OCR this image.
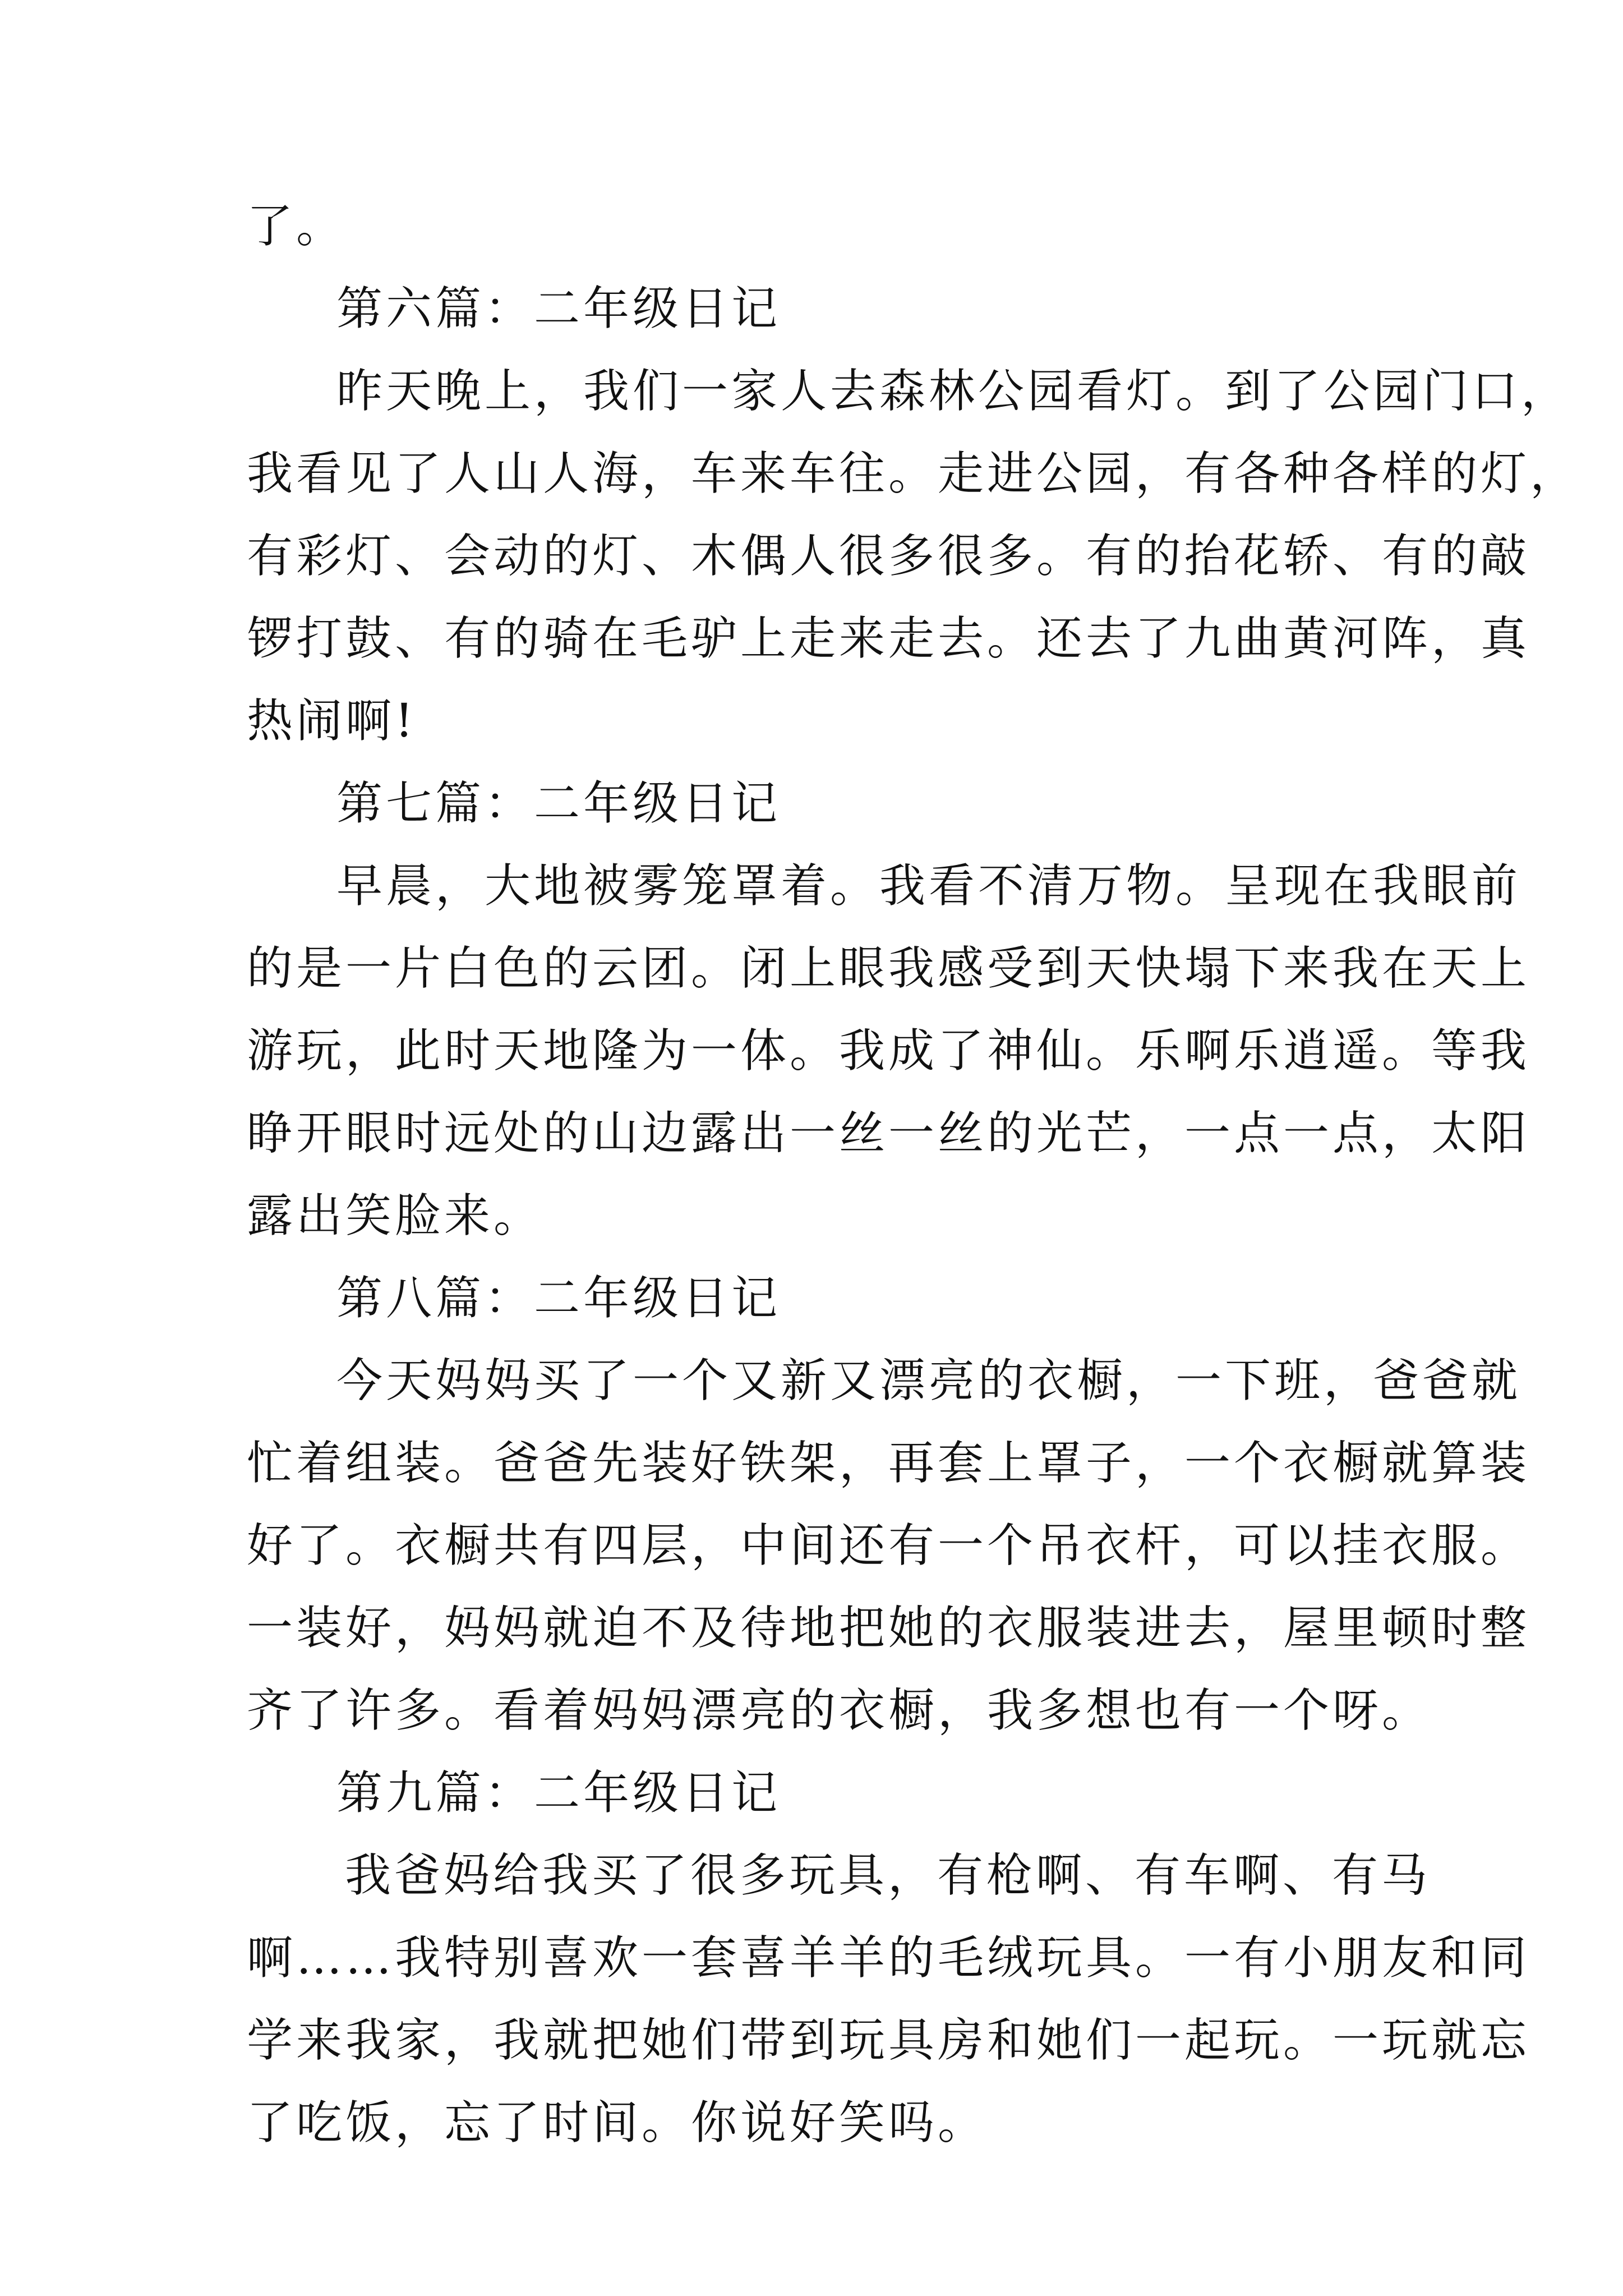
了。
第六篇：二年级日记
昨天晚上，我们一家人去森林公园看灯。到了公园门口，
我看见了人山人海，车来车往。走进公园，有各种各样的灯，
有彩灯、会动的灯、木偶人很多很多。有的抬花轿、有的敲
锣打鼓、有的骑在毛驴上走来走去。还去了九曲黄河阵，真
热闹啊!
第七篇：二年级日记
早晨，大地被雾笼罩着。我看不清万物。呈现在我眼前
的是一片白色的云团。闭上眼我感受到天快塌下来我在天上
游玩，此时天地隆为一体。我成了神仙。乐啊乐逍遥。等我
睁开眼时远处的山边露出一丝一丝的光芒，一点一点，太阳
露出笑脸来。
第八篇：二年级日记
今天妈妈买了一个又新又漂亮的衣橱，一下班，爸爸就
忙着组装。爸爸先装好铁架，再套上罩子，一个衣橱就算装
好了。衣橱共有四层，中间还有一个吊衣杆，可以挂衣服。
一装好，妈妈就迫不及待地把她的衣服装进去，屋里顿时整
齐了许多。看着妈妈漂亮的衣橱，我多想也有一个呀。
第九篇：二年级日记
我爸妈给我买了很多玩具，有枪啊、有车啊、有马
啊……我特别喜欢一套喜羊羊的毛绒玩具。一有小朋友和同
学来我家，我就把她们带到玩具房和她们一起玩。一玩就忘
了吃饭，忘了时间。你说好笑吗。
